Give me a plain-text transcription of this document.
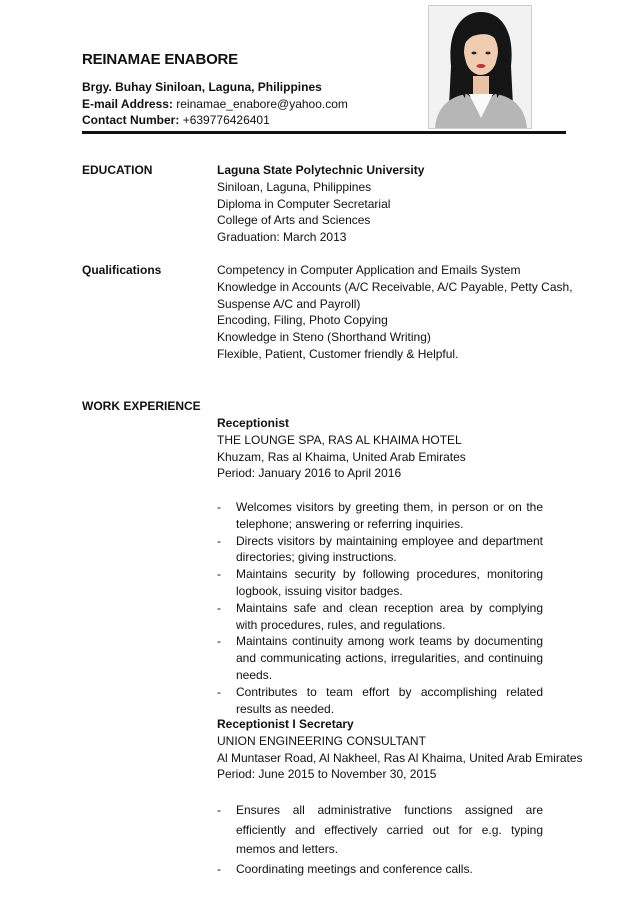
REINAMAE ENABORE
Brgy. Buhay Siniloan, Laguna, Philippines
E-mail Address: reinamae_enabore@yahoo.com
Contact Number: +639776426401
EDUCATION	Laguna State Polytechnic University
Siniloan, Laguna, Philippines
Diploma in Computer Secretarial
College of Arts and Sciences
Graduation: March 2013
Qualifications	Competency in Computer Application and Emails System
Knowledge in Accounts (A/C Receivable, A/C Payable, Petty Cash,
Suspense A/C and Payroll)
Encoding, Filing, Photo Copying
Knowledge in Steno (Shorthand Writing)
Flexible, Patient, Customer friendly & Helpful.
WORK EXPERIENCE
Receptionist
THE LOUNGE SPA, RAS AL KHAIMA HOTEL
Khuzam, Ras al Khaima, United Arab Emirates
Period: January 2016 to April 2016
- Welcomes visitors by greeting them, in person or on the telephone; answering or referring inquiries.
- Directs visitors by maintaining employee and department directories; giving instructions.
- Maintains security by following procedures, monitoring logbook, issuing visitor badges.
- Maintains safe and clean reception area by complying with procedures, rules, and regulations.
- Maintains continuity among work teams by documenting and communicating actions, irregularities, and continuing needs.
- Contributes to team effort by accomplishing related results as needed.
Receptionist I Secretary
UNION ENGINEERING CONSULTANT
Al Muntaser Road, Al Nakheel, Ras Al Khaima, United Arab Emirates
Period: June 2015 to November 30, 2015
- Ensures all administrative functions assigned are efficiently and effectively carried out for e.g. typing memos and letters.
- Coordinating meetings and conference calls.
